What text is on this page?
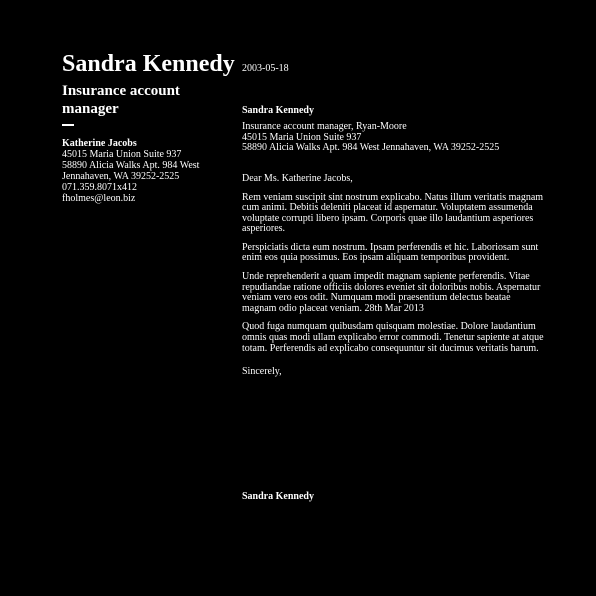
Sandra Kennedy
Insurance account manager
Katherine Jacobs
45015 Maria Union Suite 937
58890 Alicia Walks Apt. 984 West
Jennahaven, WA 39252-2525
071.359.8071x412
fholmes@leon.biz
2003-05-18
Sandra Kennedy
Insurance account manager, Ryan-Moore
45015 Maria Union Suite 937
58890 Alicia Walks Apt. 984 West Jennahaven, WA 39252-2525
Dear Ms. Katherine Jacobs,
Rem veniam suscipit sint nostrum explicabo. Natus illum veritatis magnam cum animi. Debitis deleniti placeat id aspernatur. Voluptatem assumenda voluptate corrupti libero ipsam. Corporis quae illo laudantium asperiores asperiores.
Perspiciatis dicta eum nostrum. Ipsam perferendis et hic. Laboriosam sunt enim eos quia possimus. Eos ipsam aliquam temporibus provident.
Unde reprehenderit a quam impedit magnam sapiente perferendis. Vitae repudiandae ratione officiis dolores eveniet sit doloribus nobis. Aspernatur veniam vero eos odit. Numquam modi praesentium delectus beatae magnam odio placeat veniam. 28th Mar 2013
Quod fuga numquam quibusdam quisquam molestiae. Dolore laudantium omnis quas modi ullam explicabo error commodi. Tenetur sapiente at atque totam. Perferendis ad explicabo consequuntur sit ducimus veritatis harum.
Sincerely,
Sandra Kennedy
